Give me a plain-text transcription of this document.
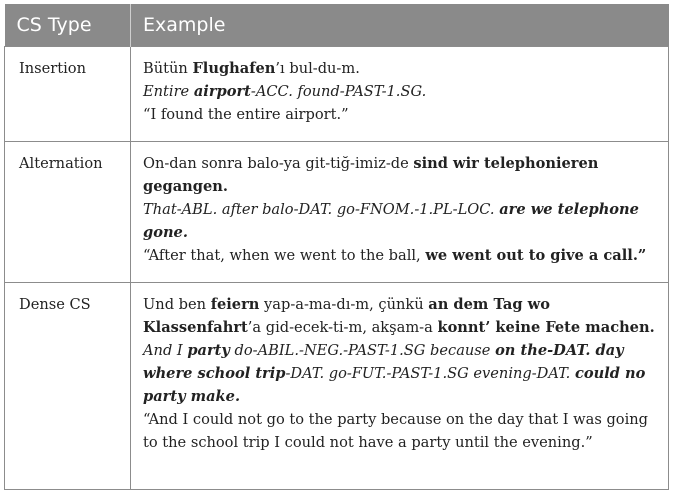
CS Type	Example
Insertion	Bütün Flughafen’ı bul-du-m.
Entire airport-ACC. found-PAST-1.SG.
“I found the entire airport.”

Alternation	On-dan sonra balo-ya git-tiğ-imiz-de sind wir telephonieren gegangen.
That-ABL. after balo-DAT. go-FNOM.-1.PL-LOC. are we telephone gone.
“After that, when we went to the ball, we went out to give a call.”

Dense CS	Und ben feiern yap-a-ma-dı-m, çünkü an dem Tag wo Klassenfahrt’a gid-ecek-ti-m, akşam-a konnt’ keine Fete machen.
And I party do-ABIL.-NEG.-PAST-1.SG because on the-DAT. day where school trip-DAT. go-FUT.-PAST-1.SG evening-DAT. could no party make.
“And I could not go to the party because on the day that I was going to the school trip I could not have a party until the evening.”
